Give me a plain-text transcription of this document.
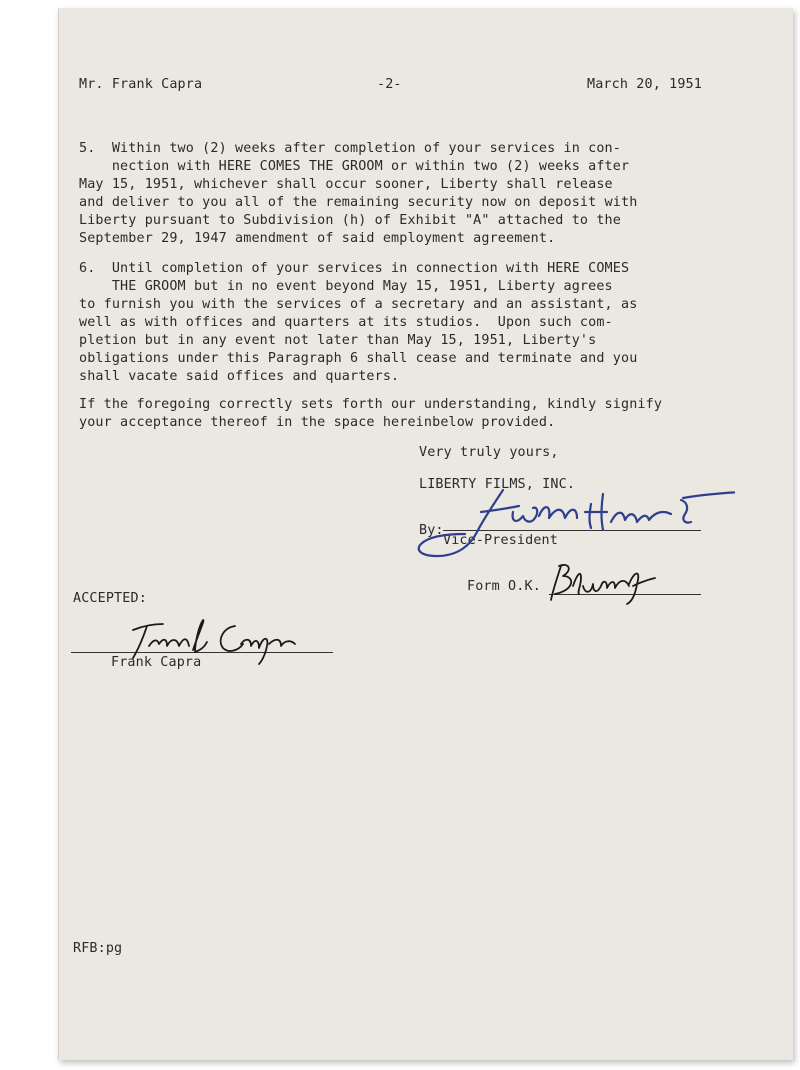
Mr. Frank Capra	-2-	March 20, 1951
5.  Within two (2) weeks after completion of your services in con-
nection with HERE COMES THE GROOM or within two (2) weeks after
May 15, 1951, whichever shall occur sooner, Liberty shall release
and deliver to you all of the remaining security now on deposit with
Liberty pursuant to Subdivision (h) of Exhibit "A" attached to the
September 29, 1947 amendment of said employment agreement.
6.  Until completion of your services in connection with HERE COMES
THE GROOM but in no event beyond May 15, 1951, Liberty agrees
to furnish you with the services of a secretary and an assistant, as
well as with offices and quarters at its studios.  Upon such com-
pletion but in any event not later than May 15, 1951, Liberty's
obligations under this Paragraph 6 shall cease and terminate and you
shall vacate said offices and quarters.
If the foregoing correctly sets forth our understanding, kindly signify
your acceptance thereof in the space hereinbelow provided.
Very truly yours,
LIBERTY FILMS, INC.
By:
Vice-President
Form O.K.
ACCEPTED:
Frank Capra
RFB:pg
